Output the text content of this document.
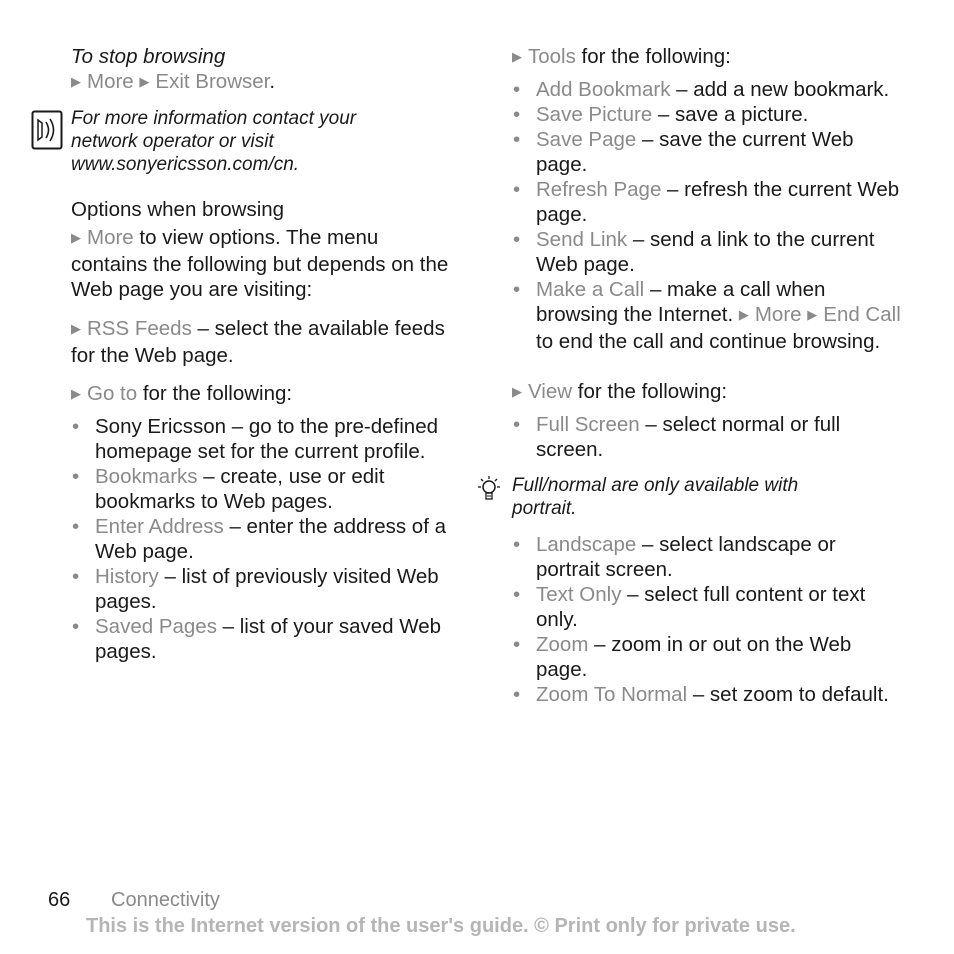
To stop browsing

▶ More ▶ Exit Browser.

For more information contact your network operator or visit www.sonyericsson.com/cn.

Options when browsing

▶ More to view options. The menu contains the following but depends on the Web page you are visiting:

▶ RSS Feeds – select the available feeds for the Web page.

▶ Go to for the following:

• Sony Ericsson – go to the pre-defined homepage set for the current profile.
• Bookmarks – create, use or edit bookmarks to Web pages.
• Enter Address – enter the address of a Web page.
• History – list of previously visited Web pages.
• Saved Pages – list of your saved Web pages.

▶ Tools for the following:

• Add Bookmark – add a new bookmark.
• Save Picture – save a picture.
• Save Page – save the current Web page.
• Refresh Page – refresh the current Web page.
• Send Link – send a link to the current Web page.
• Make a Call – make a call when browsing the Internet. ▶ More ▶ End Call to end the call and continue browsing.

▶ View for the following:

• Full Screen – select normal or full screen.

Full/normal are only available with portrait.

• Landscape – select landscape or portrait screen.
• Text Only – select full content or text only.
• Zoom – zoom in or out on the Web page.
• Zoom To Normal – set zoom to default.
66 Connectivity
This is the Internet version of the user's guide. © Print only for private use.
